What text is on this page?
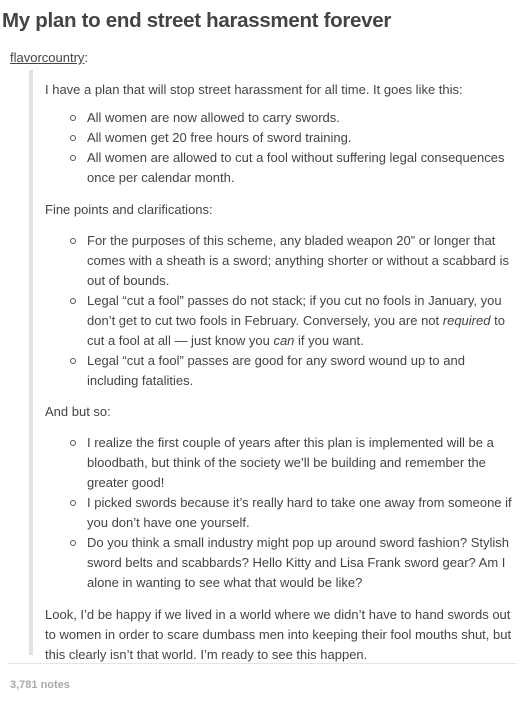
My plan to end street harassment forever
flavorcountry:

I have a plan that will stop street harassment for all time. It goes like this:

All women are now allowed to carry swords.
All women get 20 free hours of sword training.
All women are allowed to cut a fool without suffering legal consequences once per calendar month.

Fine points and clarifications:

For the purposes of this scheme, any bladed weapon 20” or longer that comes with a sheath is a sword; anything shorter or without a scabbard is out of bounds.
Legal “cut a fool” passes do not stack; if you cut no fools in January, you don’t get to cut two fools in February. Conversely, you are not required to cut a fool at all — just know you can if you want.
Legal “cut a fool” passes are good for any sword wound up to and including fatalities.

And but so:

I realize the first couple of years after this plan is implemented will be a bloodbath, but think of the society we’ll be building and remember the greater good!
I picked swords because it’s really hard to take one away from someone if you don’t have one yourself.
Do you think a small industry might pop up around sword fashion? Stylish sword belts and scabbards? Hello Kitty and Lisa Frank sword gear? Am I alone in wanting to see what that would be like?

Look, I’d be happy if we lived in a world where we didn’t have to hand swords out to women in order to scare dumbass men into keeping their fool mouths shut, but this clearly isn’t that world. I’m ready to see this happen.

3,781 notes
